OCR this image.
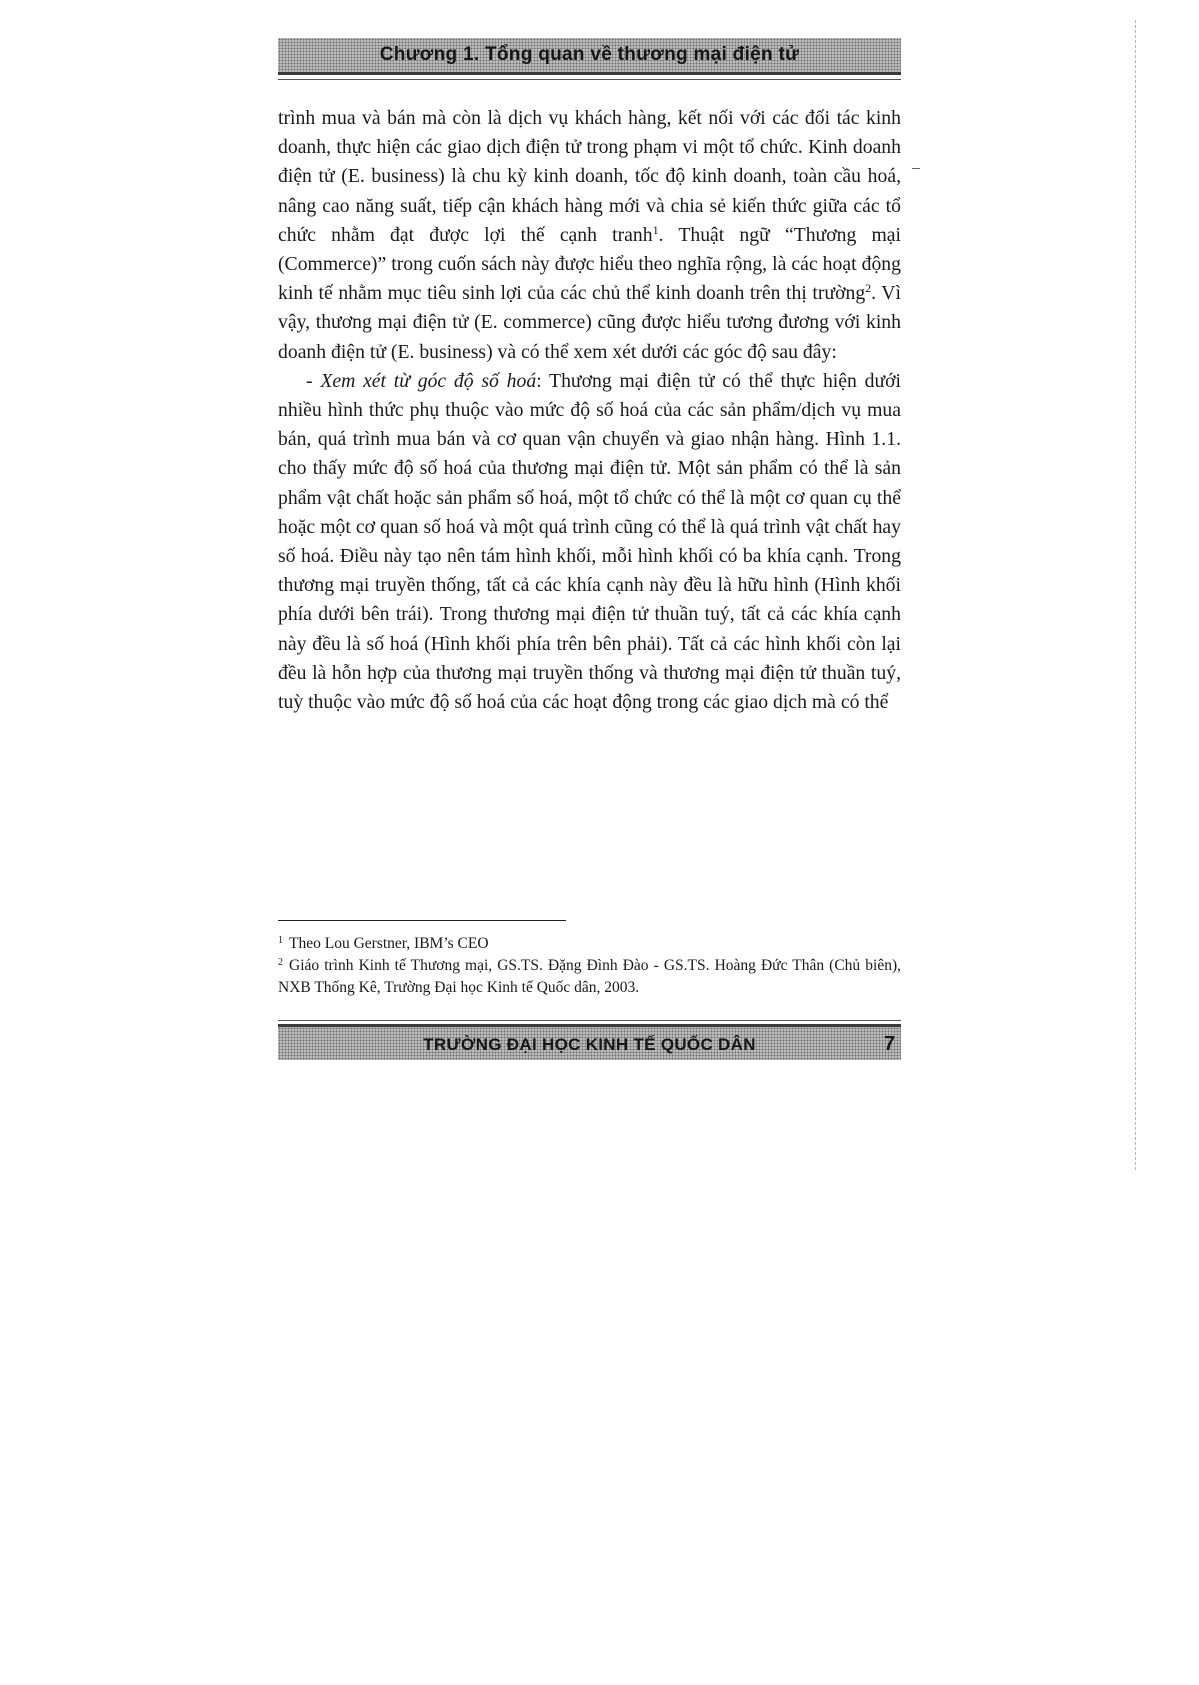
Chương 1. Tổng quan về thương mại điện tử

trình mua và bán mà còn là dịch vụ khách hàng, kết nối với các đối tác kinh doanh, thực hiện các giao dịch điện tử trong phạm vi một tổ chức. Kinh doanh điện tử (E. business) là chu kỳ kinh doanh, tốc độ kinh doanh, toàn cầu hoá, nâng cao năng suất, tiếp cận khách hàng mới và chia sẻ kiến thức giữa các tổ chức nhằm đạt được lợi thế cạnh tranh$^1$. Thuật ngữ “Thương mại (Commerce)” trong cuốn sách này được hiểu theo nghĩa rộng, là các hoạt động kinh tế nhằm mục tiêu sinh lợi của các chủ thể kinh doanh trên thị trường$^2$. Vì vậy, thương mại điện tử (E. commerce) cũng được hiểu tương đương với kinh doanh điện tử (E. business) và có thể xem xét dưới các góc độ sau đây:

- Xem xét từ góc độ số hoá: Thương mại điện tử có thể thực hiện dưới nhiều hình thức phụ thuộc vào mức độ số hoá của các sản phẩm/dịch vụ mua bán, quá trình mua bán và cơ quan vận chuyển và giao nhận hàng. Hình 1.1. cho thấy mức độ số hoá của thương mại điện tử. Một sản phẩm có thể là sản phẩm vật chất hoặc sản phẩm số hoá, một tổ chức có thể là một cơ quan cụ thể hoặc một cơ quan số hoá và một quá trình cũng có thể là quá trình vật chất hay số hoá. Điều này tạo nên tám hình khối, mỗi hình khối có ba khía cạnh. Trong thương mại truyền thống, tất cả các khía cạnh này đều là hữu hình (Hình khối phía dưới bên trái). Trong thương mại điện tử thuần tuý, tất cả các khía cạnh này đều là số hoá (Hình khối phía trên bên phải). Tất cả các hình khối còn lại đều là hỗn hợp của thương mại truyền thống và thương mại điện tử thuần tuý, tuỳ thuộc vào mức độ số hoá của các hoạt động trong các giao dịch mà có thể

$^1$ Theo Lou Gerstner, IBM’s CEO

$^2$ Giáo trình Kinh tế Thương mại, GS.TS. Đặng Đình Đào - GS.TS. Hoàng Đức Thân (Chủ biên), NXB Thống Kê, Trường Đại học Kinh tế Quốc dân, 2003.

TRƯỜNG ĐẠI HỌC KINH TẾ QUỐC DÂN	7
